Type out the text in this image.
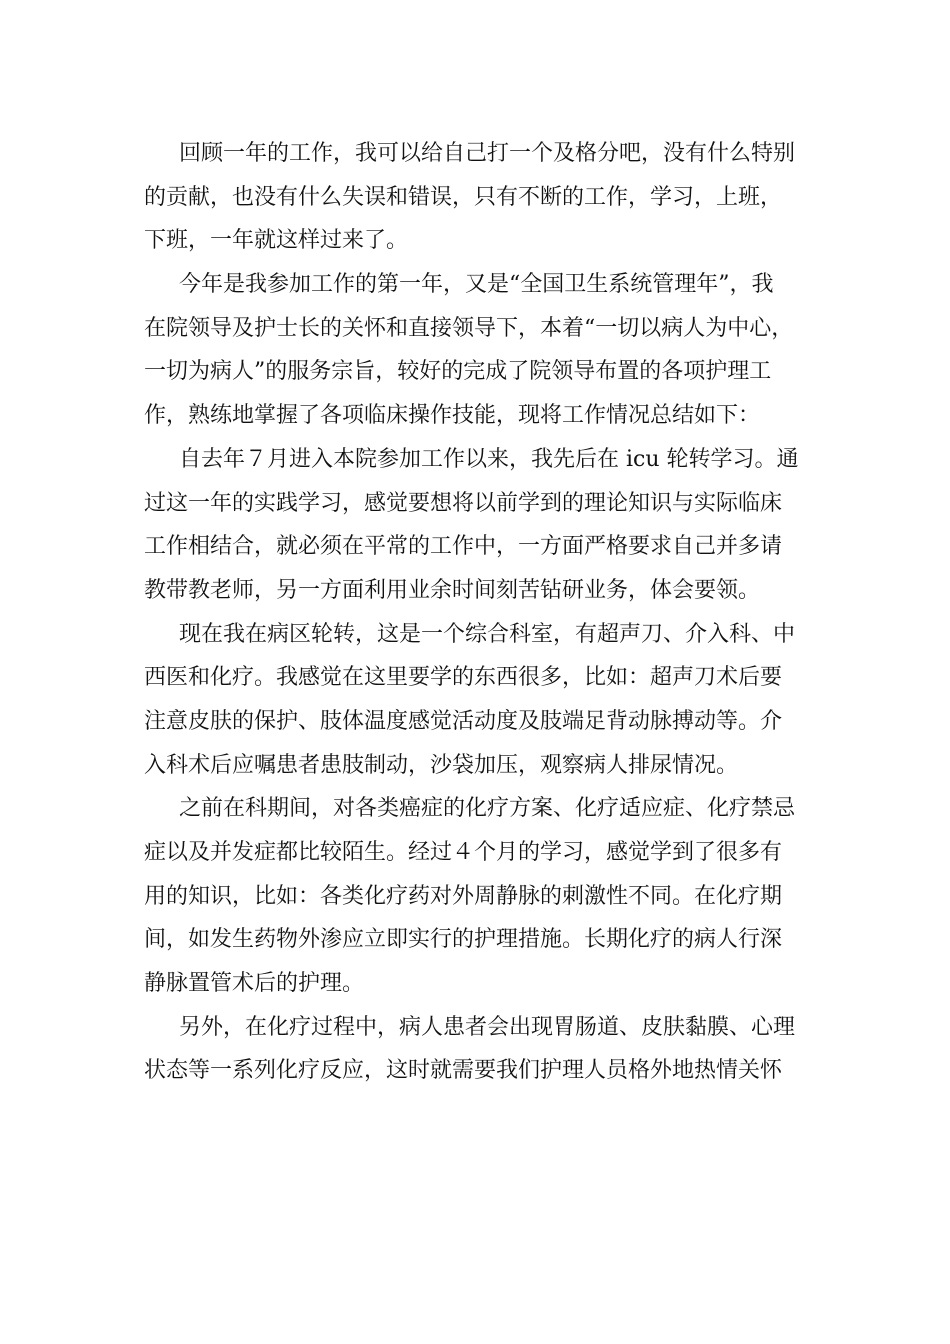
回顾一年的工作，我可以给自己打一个及格分吧，没有什么特别
的贡献，也没有什么失误和错误，只有不断的工作，学习，上班，
下班，一年就这样过来了。
今年是我参加工作的第一年，又是“全国卫生系统管理年”，我
在院领导及护士长的关怀和直接领导下，本着“一切以病人为中心，
一切为病人”的服务宗旨，较好的完成了院领导布置的各项护理工
作，熟练地掌握了各项临床操作技能，现将工作情况总结如下：
自去年７月进入本院参加工作以来，我先后在 icu 轮转学习。通
过这一年的实践学习，感觉要想将以前学到的理论知识与实际临床
工作相结合，就必须在平常的工作中，一方面严格要求自己并多请
教带教老师，另一方面利用业余时间刻苦钻研业务，体会要领。
现在我在病区轮转，这是一个综合科室，有超声刀、介入科、中
西医和化疗。我感觉在这里要学的东西很多，比如：超声刀术后要
注意皮肤的保护、肢体温度感觉活动度及肢端足背动脉搏动等。介
入科术后应嘱患者患肢制动，沙袋加压，观察病人排尿情况。
之前在科期间，对各类癌症的化疗方案、化疗适应症、化疗禁忌
症以及并发症都比较陌生。经过４个月的学习，感觉学到了很多有
用的知识，比如：各类化疗药对外周静脉的刺激性不同。在化疗期
间，如发生药物外渗应立即实行的护理措施。长期化疗的病人行深
静脉置管术后的护理。
另外，在化疗过程中，病人患者会出现胃肠道、皮肤黏膜、心理
状态等一系列化疗反应，这时就需要我们护理人员格外地热情关怀
